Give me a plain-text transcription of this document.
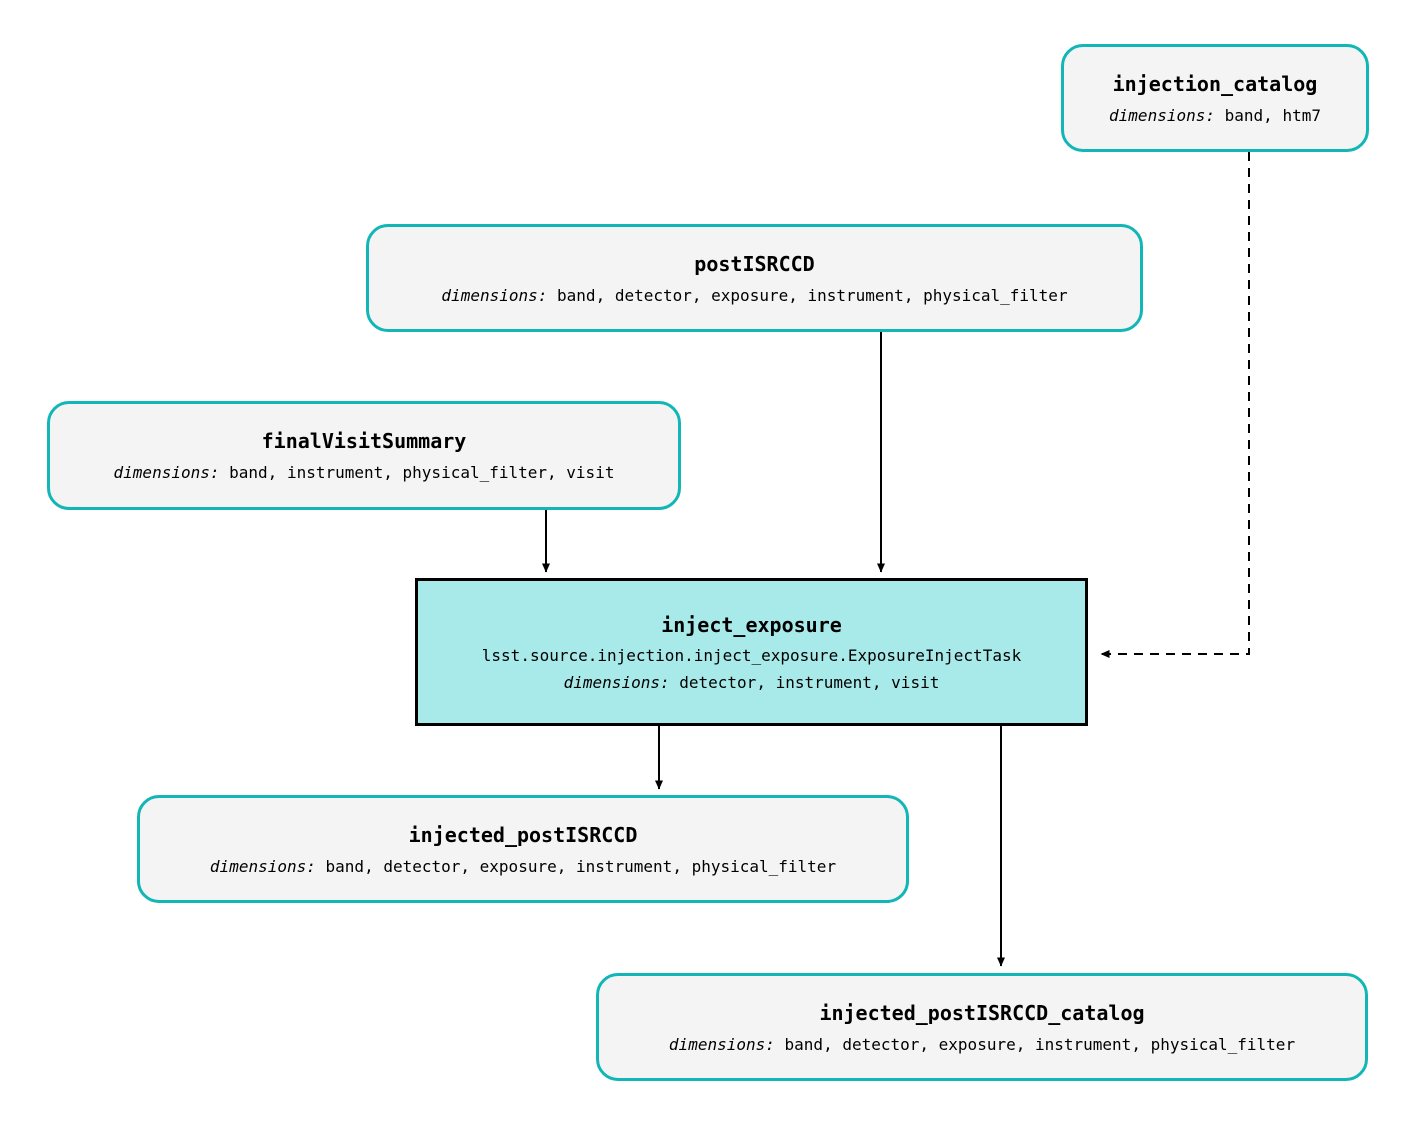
injection_catalog
dimensions: band, htm7
postISRCCD
dimensions: band, detector, exposure, instrument, physical_filter
finalVisitSummary
dimensions: band, instrument, physical_filter, visit
inject_exposure
lsst.source.injection.inject_exposure.ExposureInjectTask
dimensions: detector, instrument, visit
injected_postISRCCD
dimensions: band, detector, exposure, instrument, physical_filter
injected_postISRCCD_catalog
dimensions: band, detector, exposure, instrument, physical_filter
